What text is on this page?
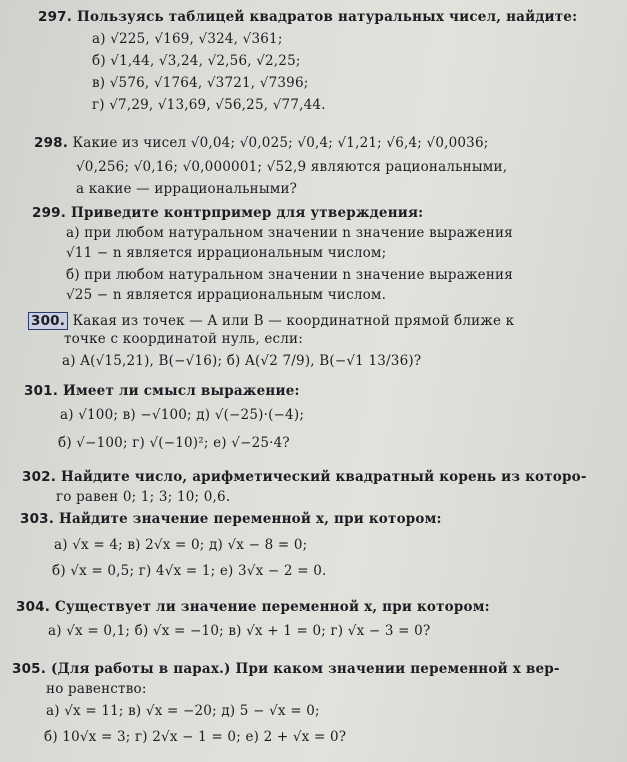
297. Пользуясь таблицей квадратов натуральных чисел, найдите:
а) √225, √169, √324, √361;
б) √1,44, √3,24, √2,56, √2,25;
в) √576, √1764, √3721, √7396;
г) √7,29, √13,69, √56,25, √77,44.
298. Какие из чисел √0,04; √0,025; √0,4; √1,21; √6,4; √0,0036;
√0,256; √0,16; √0,000001; √52,9 являются рациональными,
а какие — иррациональными?
299. Приведите контрпример для утверждения:
а) при любом натуральном значении n значение выражения
√11 − n является иррациональным числом;
б) при любом натуральном значении n значение выражения
√25 − n является иррациональным числом.
300. Какая из точек — A или B — координатной прямой ближе к
точке с координатой нуль, если:
а) A(√15,21), B(−√16); б) A(√2 7/9), B(−√1 13/36)?
301. Имеет ли смысл выражение:
а) √100; в) −√100; д) √(−25)·(−4);
б) √−100; г) √(−10)²; е) √−25·4?
302. Найдите число, арифметический квадратный корень из которо-
го равен 0; 1; 3; 10; 0,6.
303. Найдите значение переменной x, при котором:
а) √x = 4; в) 2√x = 0; д) √x − 8 = 0;
б) √x = 0,5; г) 4√x = 1; е) 3√x − 2 = 0.
304. Существует ли значение переменной x, при котором:
а) √x = 0,1; б) √x = −10; в) √x + 1 = 0; г) √x − 3 = 0?
305. (Для работы в парах.) При каком значении переменной x вер-
но равенство:
а) √x = 11; в) √x = −20; д) 5 − √x = 0;
б) 10√x = 3; г) 2√x − 1 = 0; е) 2 + √x = 0?
